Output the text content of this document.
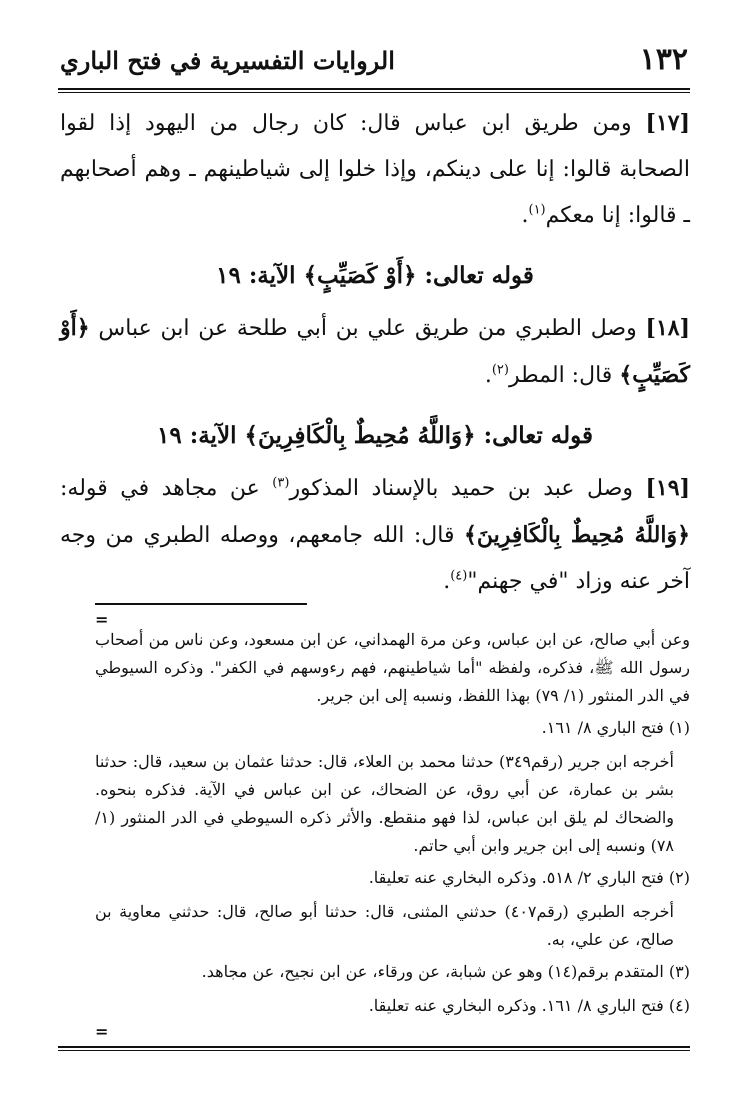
١٣٢
الروايات التفسيرية في فتح الباري

[١٧] ومن طريق ابن عباس قال: كان رجال من اليهود إذا لقوا الصحابة قالوا: إنا على دينكم، وإذا خلوا إلى شياطينهم ـ وهم أصحابهم ـ قالوا: إنا معكم$^{(١)}$.

قوله تعالى: ﴿أَوْ كَصَيِّبٍ﴾ الآية: ١٩

[١٨] وصل الطبري من طريق علي بن أبي طلحة عن ابن عباس ﴿أَوْ كَصَيِّبٍ﴾ قال: المطر$^{(٢)}$.

قوله تعالى: ﴿وَاللَّهُ مُحِيطٌ بِالْكَافِرِينَ﴾ الآية: ١٩

[١٩] وصل عبد بن حميد بالإسناد المذكور$^{(٣)}$ عن مجاهد في قوله: ﴿وَاللَّهُ مُحِيطٌ بِالْكَافِرِينَ﴾ قال: الله جامعهم، ووصله الطبري من وجه آخر عنه وزاد "في جهنم"$^{(٤)}$.

=

وعن أبي صالح، عن ابن عباس، وعن مرة الهمداني، عن ابن مسعود، وعن ناس من أصحاب رسول الله ﷺ، فذكره، ولفظه "أما شياطينهم، فهم رءوسهم في الكفر". وذكره السيوطي في الدر المنثور (١/ ٧٩) بهذا اللفظ، ونسبه إلى ابن جرير.

(١) فتح الباري ٨/ ١٦١.

أخرجه ابن جرير (رقم٣٤٩) حدثنا محمد بن العلاء، قال: حدثنا عثمان بن سعيد، قال: حدثنا بشر بن عمارة، عن أبي روق، عن الضحاك، عن ابن عباس في الآية. فذكره بنحوه. والضحاك لم يلق ابن عباس، لذا فهو منقطع. والأثر ذكره السيوطي في الدر المنثور (١/ ٧٨) ونسبه إلى ابن جرير وابن أبي حاتم.

(٢) فتح الباري ٢/ ٥١٨. وذكره البخاري عنه تعليقا.

أخرجه الطبري (رقم٤٠٧) حدثني المثنى، قال: حدثنا أبو صالح، قال: حدثني معاوية بن صالح، عن علي، به.

(٣) المتقدم برقم(١٤) وهو عن شبابة، عن ورقاء، عن ابن نجيح، عن مجاهد.

(٤) فتح الباري ٨/ ١٦١. وذكره البخاري عنه تعليقا.

=
